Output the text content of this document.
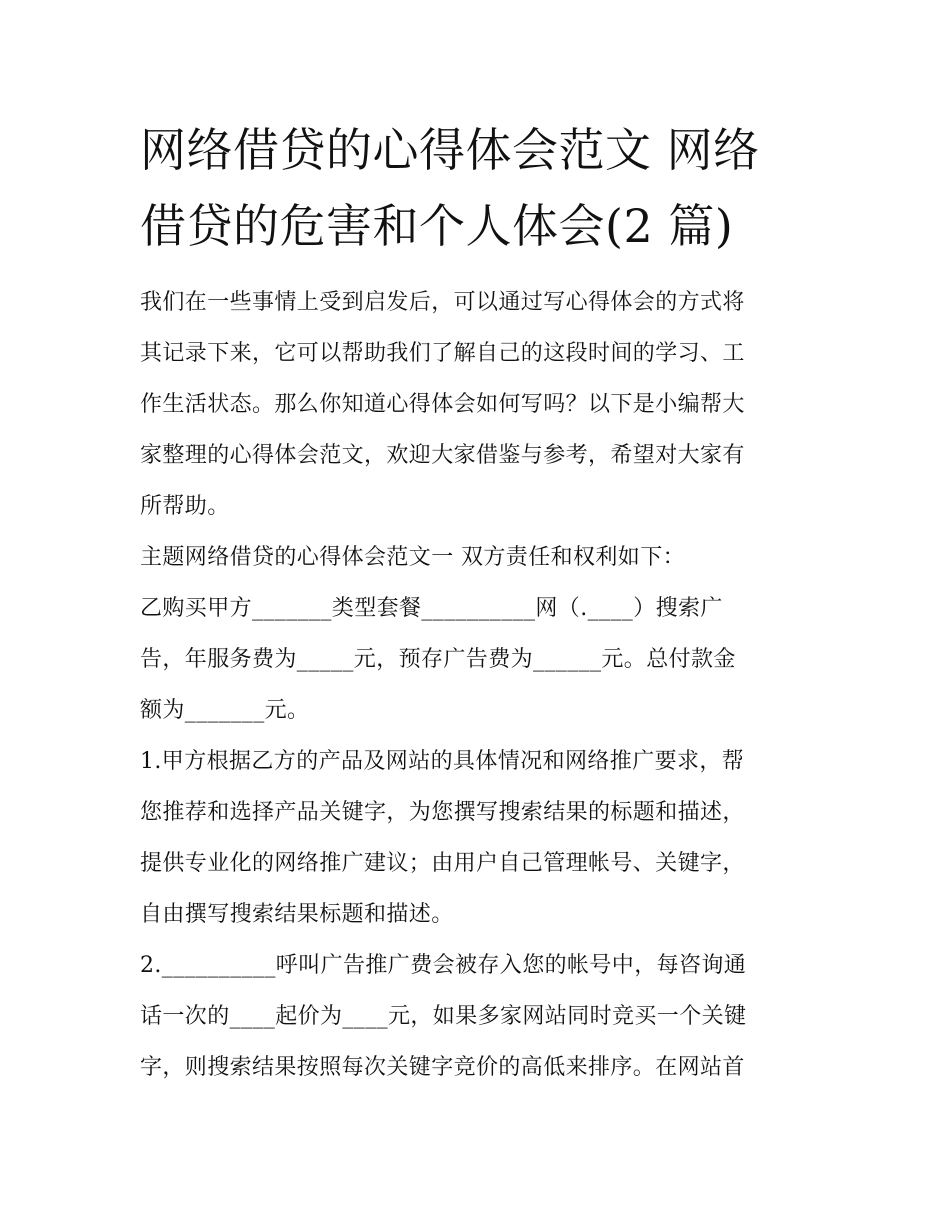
网络借贷的心得体会范文 网络
借贷的危害和个人体会(2 篇)

我们在一些事情上受到启发后，可以通过写心得体会的方式将
其记录下来，它可以帮助我们了解自己的这段时间的学习、工
作生活状态。那么你知道心得体会如何写吗？以下是小编帮大
家整理的心得体会范文，欢迎大家借鉴与参考，希望对大家有
所帮助。

主题网络借贷的心得体会范文一 双方责任和权利如下：

乙购买甲方_______类型套餐__________网（.____）搜索广
告，年服务费为_____元，预存广告费为______元。总付款金
额为_______元。

1.甲方根据乙方的产品及网站的具体情况和网络推广要求，帮
您推荐和选择产品关键字，为您撰写搜索结果的标题和描述，
提供专业化的网络推广建议；由用户自己管理帐号、关键字，
自由撰写搜索结果标题和描述。

2.__________呼叫广告推广费会被存入您的帐号中，每咨询通
话一次的____起价为____元，如果多家网站同时竞买一个关键
字，则搜索结果按照每次关键字竞价的高低来排序。在网站首
